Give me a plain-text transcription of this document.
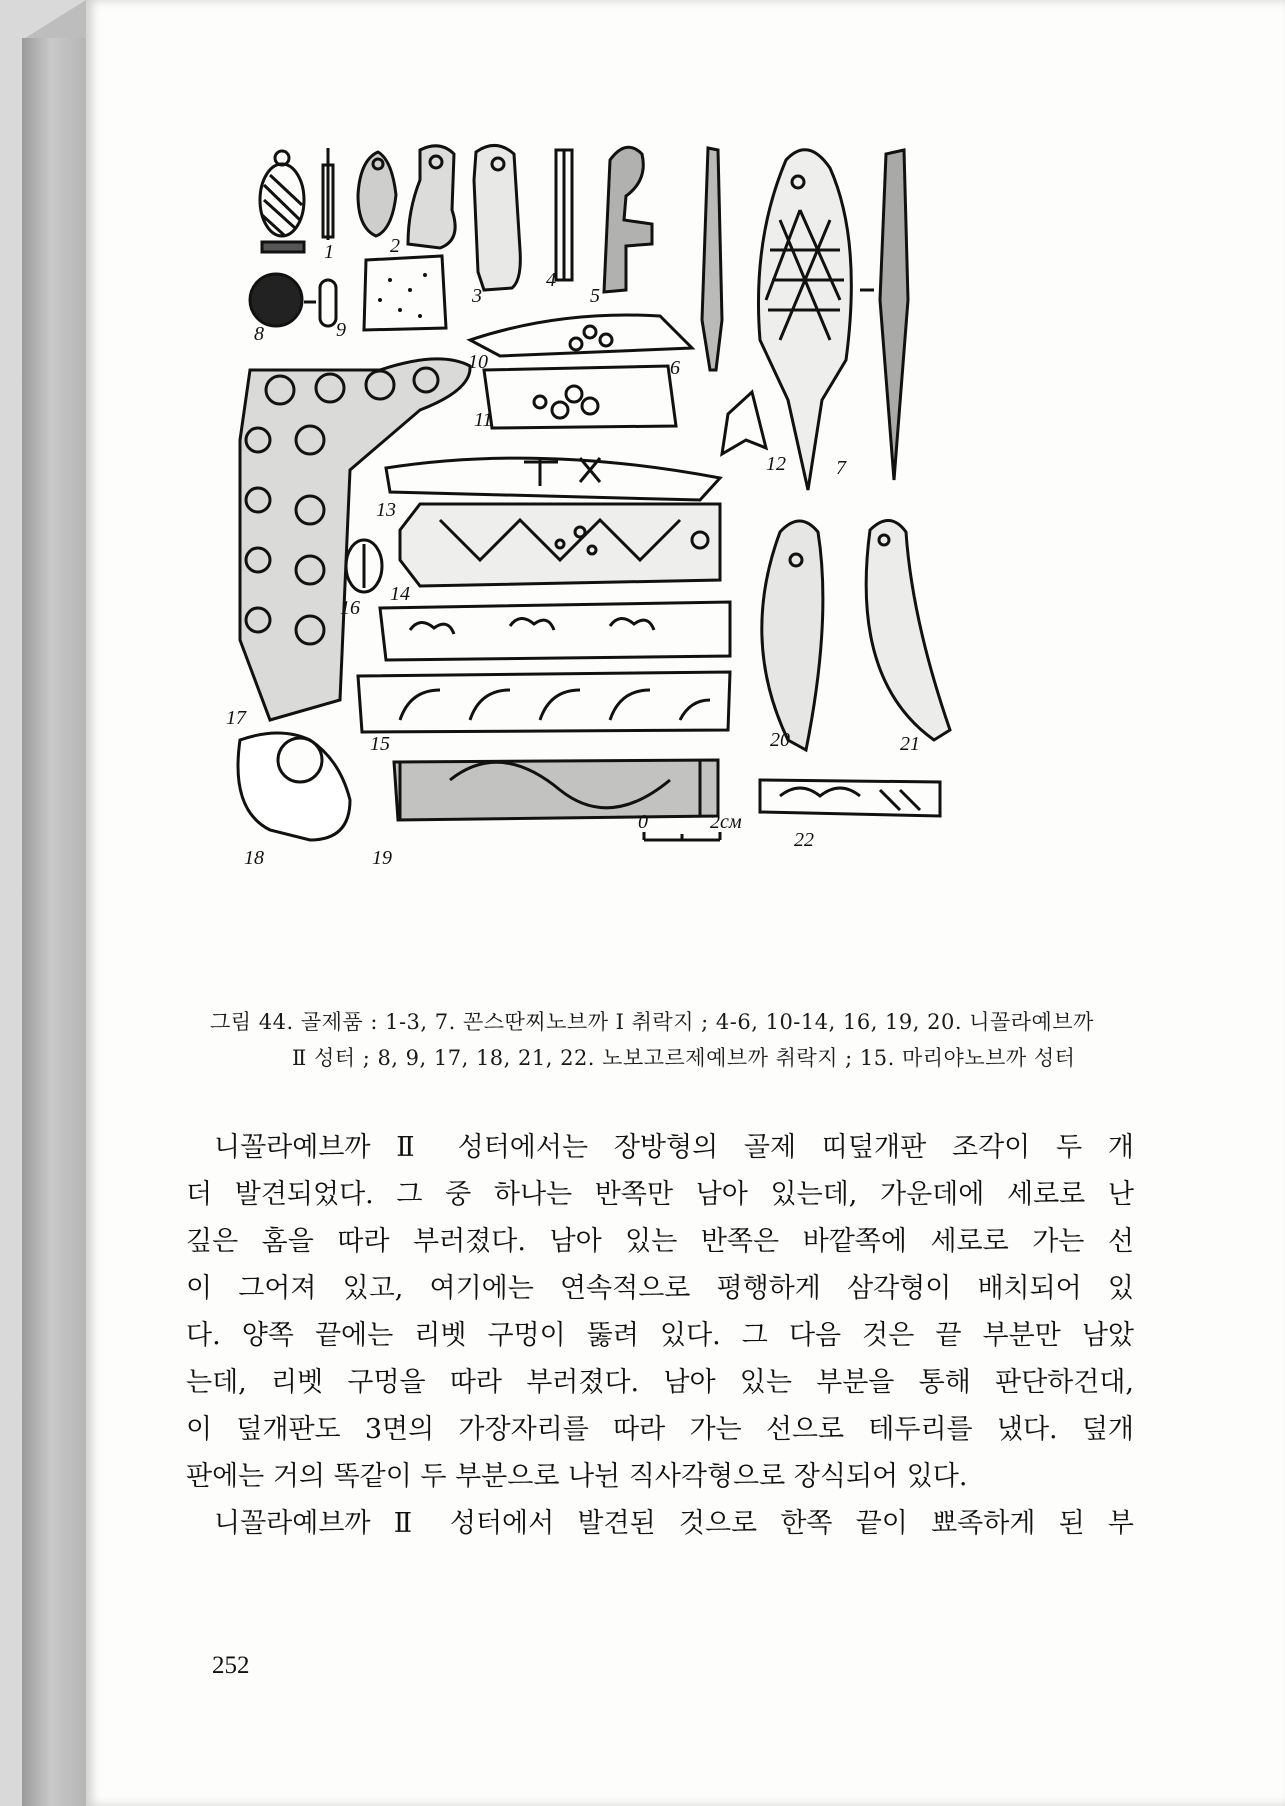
1	2
3
4
5
6
7
8	9
10
11
12
13
14
15
16
17
18	19
20	21
22
0	2см
그림 44. 골제품 : 1-3, 7. 꼰스딴찌노브까 I 취락지 ; 4-6, 10-14, 16, 19, 20. 니꼴라예브까
Ⅱ 성터 ; 8, 9, 17, 18, 21, 22. 노보고르제예브까 취락지 ; 15. 마리야노브까 성터
니꼴라예브까 Ⅱ 성터에서는 장방형의 골제 띠덮개판 조각이 두 개
더 발견되었다. 그 중 하나는 반쪽만 남아 있는데, 가운데에 세로로 난
깊은 홈을 따라 부러졌다. 남아 있는 반쪽은 바깥쪽에 세로로 가는 선
이 그어져 있고, 여기에는 연속적으로 평행하게 삼각형이 배치되어 있
다. 양쪽 끝에는 리벳 구멍이 뚫려 있다. 그 다음 것은 끝 부분만 남았
는데, 리벳 구멍을 따라 부러졌다. 남아 있는 부분을 통해 판단하건대,
이 덮개판도 3면의 가장자리를 따라 가는 선으로 테두리를 냈다. 덮개
판에는 거의 똑같이 두 부분으로 나뉜 직사각형으로 장식되어 있다.
니꼴라예브까 Ⅱ 성터에서 발견된 것으로 한쪽 끝이 뾰족하게 된 부
252
